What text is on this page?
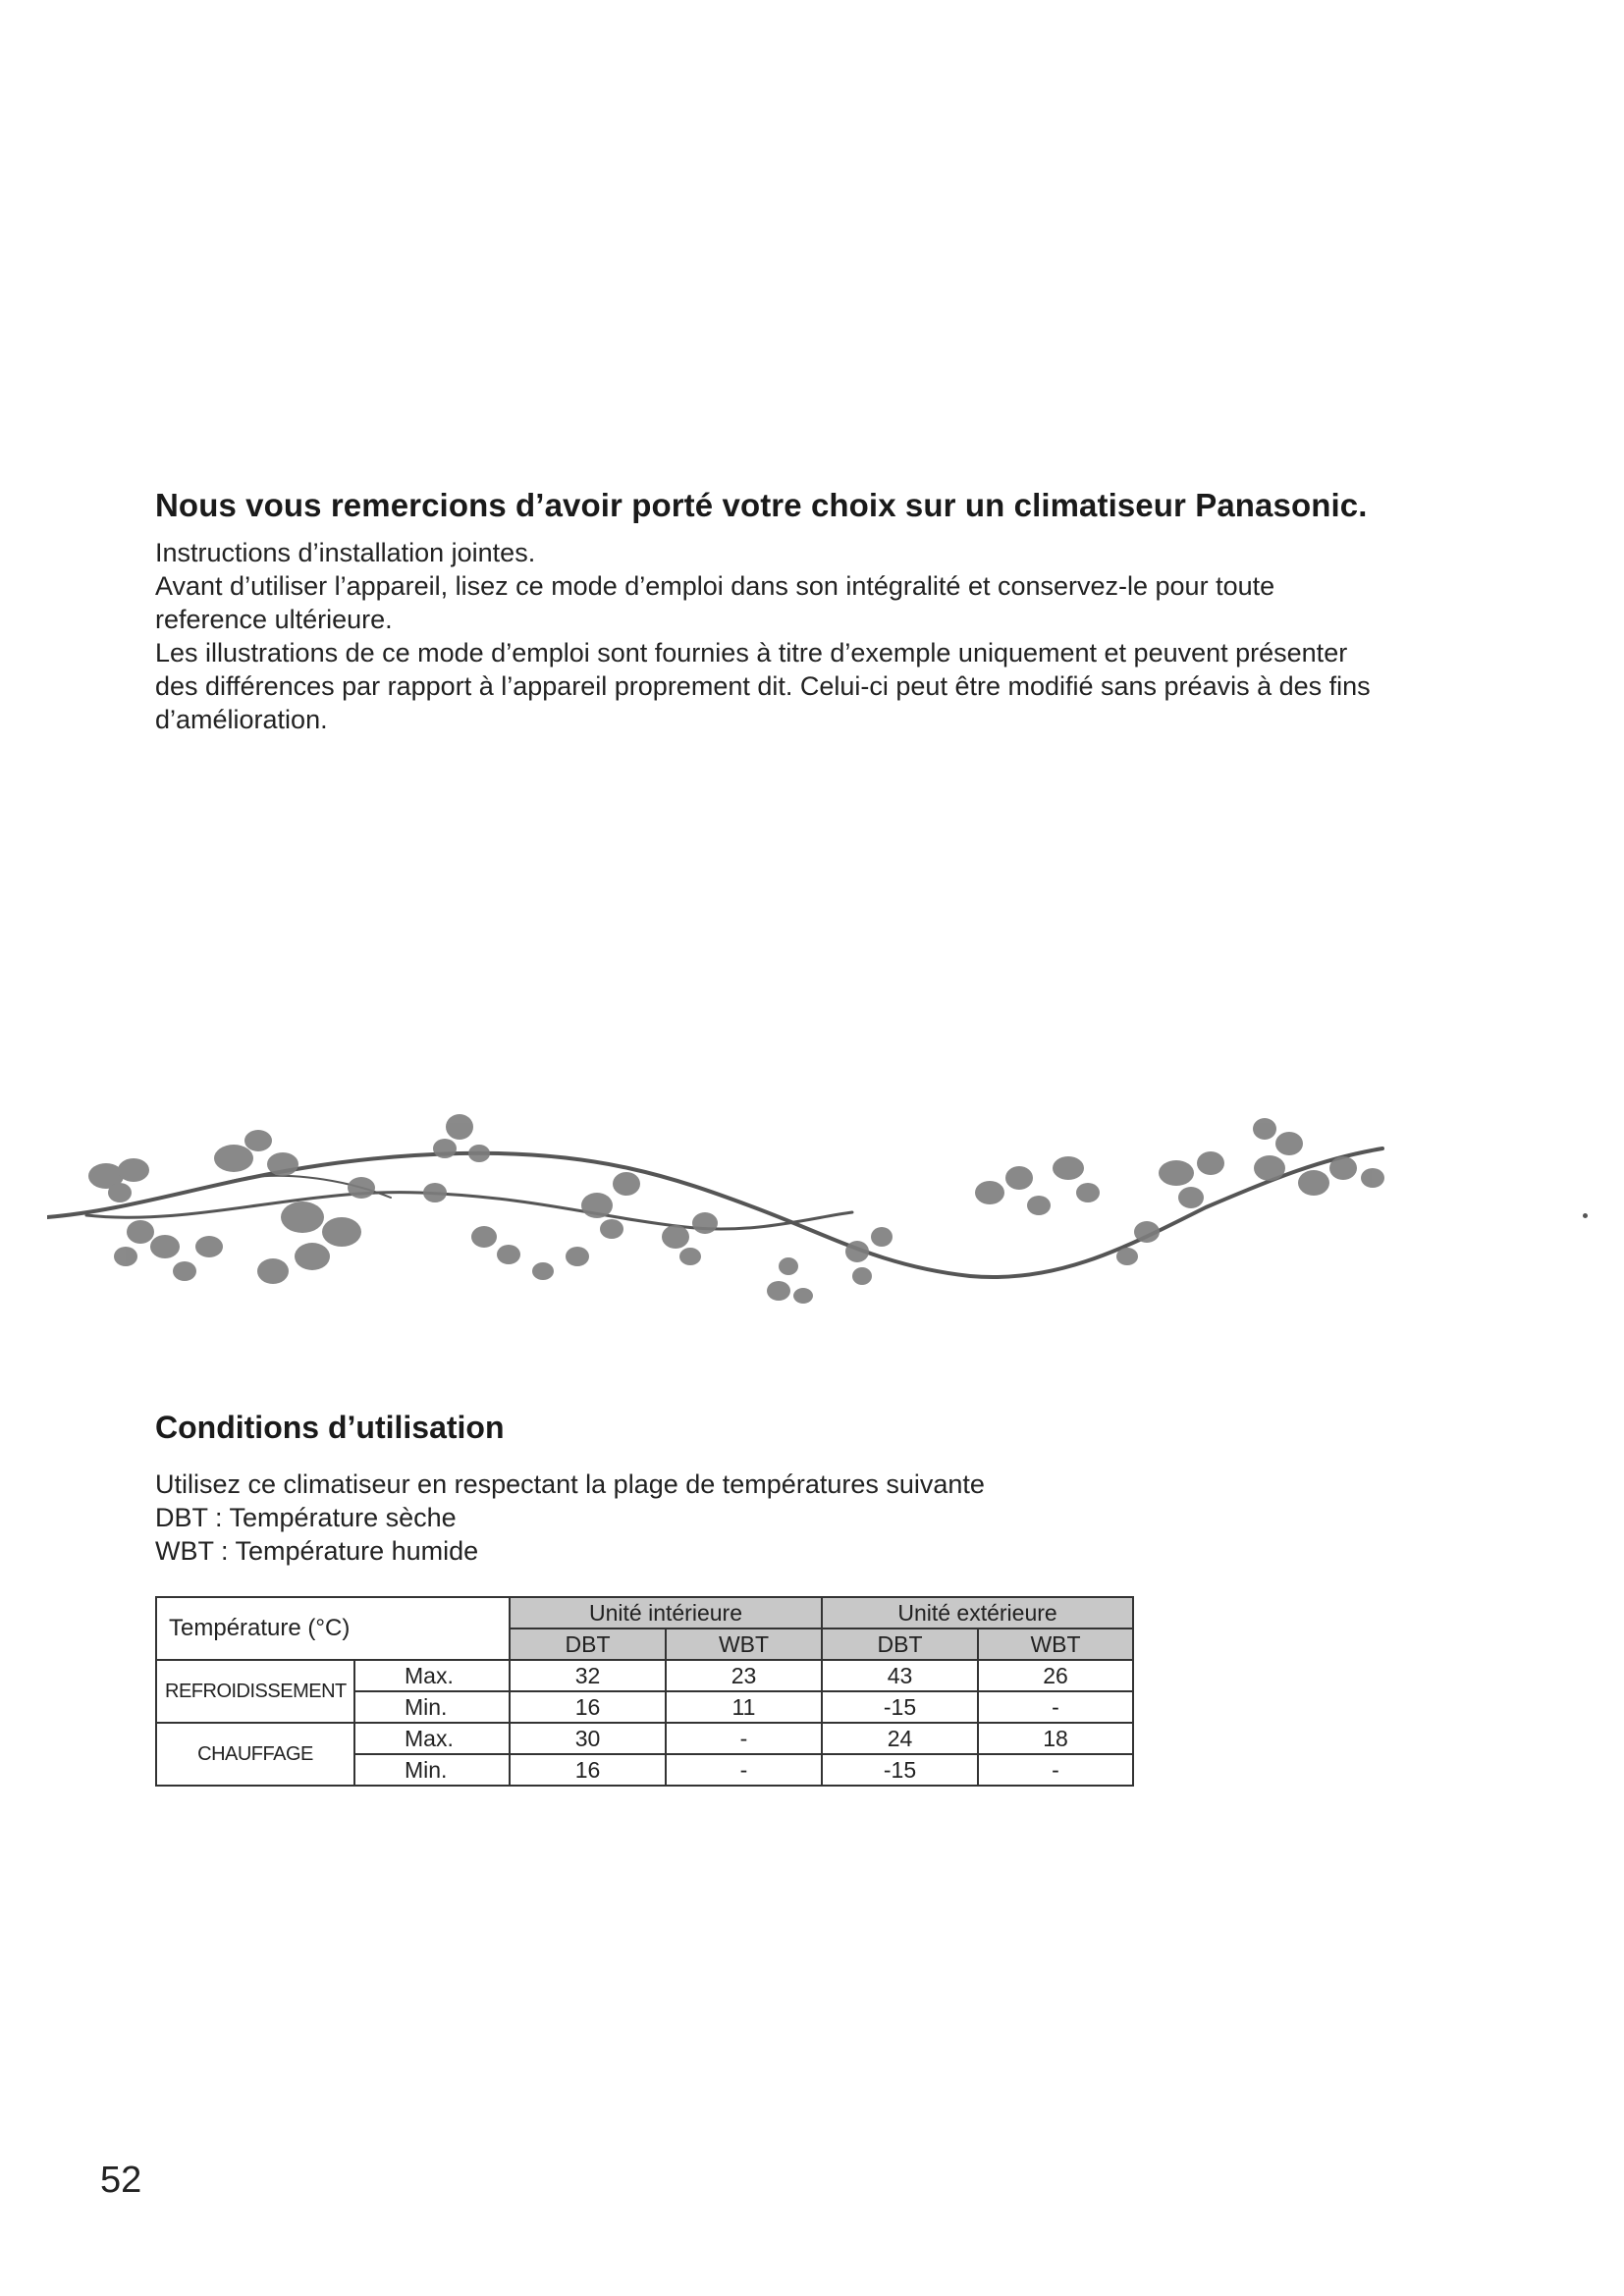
Nous vous remercions d’avoir porté votre choix sur un climatiseur Panasonic.

Instructions d’installation jointes.

Avant d’utiliser l’appareil, lisez ce mode d’emploi dans son intégralité et conservez-le pour toute

reference ultérieure.

Les illustrations de ce mode d’emploi sont fournies à titre d’exemple uniquement et peuvent présenter

des différences par rapport à l’appareil proprement dit. Celui-ci peut être modifié sans préavis à des fins

d’amélioration.

Conditions d’utilisation

Utilisez ce climatiseur en respectant la plage de températures suivante

DBT : Température sèche

WBT : Température humide

Température (°C)		Unité intérieure		Unité extérieure	
		DBT	WBT	DBT	WBT
REFROIDISSEMENT	Max.	32	23	43	26
	Min.	16	11	-15	-
CHAUFFAGE	Max.	30	-	24	18
	Min.	16	-	-15	-
52
